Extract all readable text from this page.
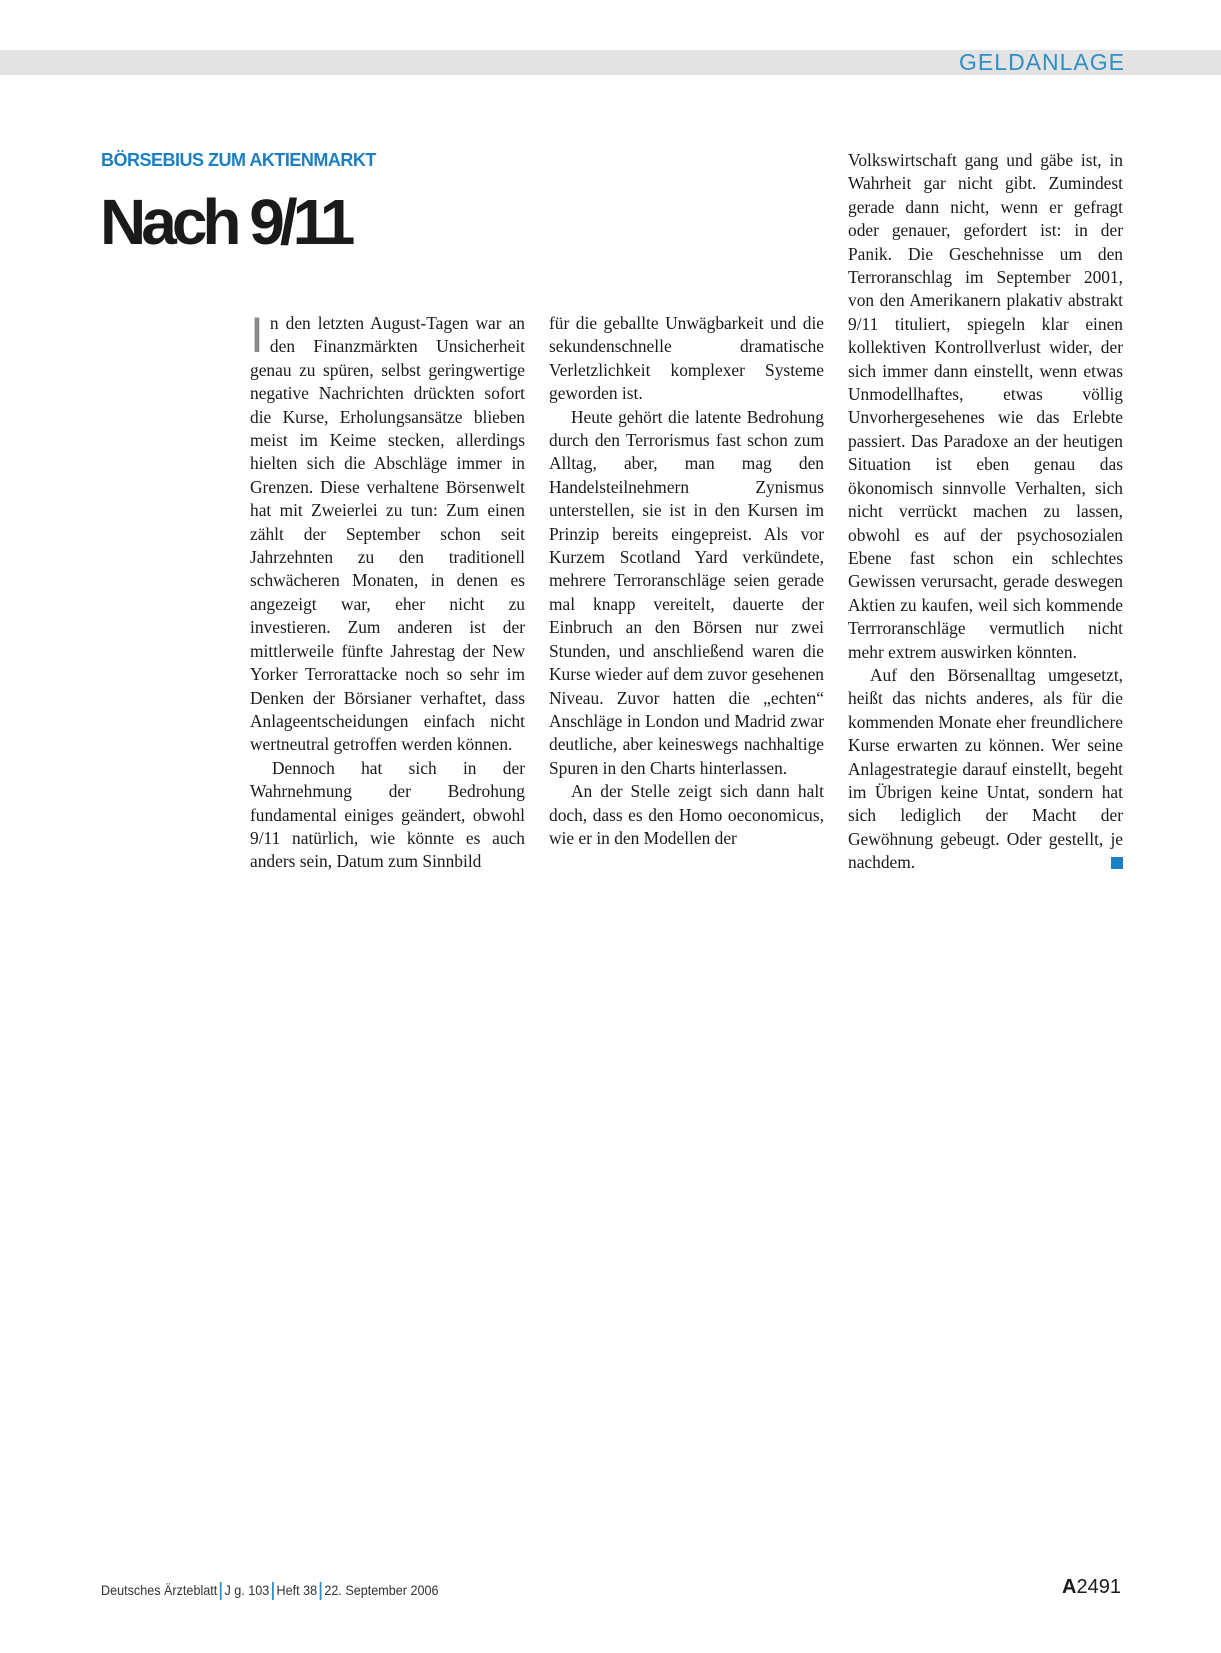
GELDANLAGE
BÖRSEBIUS ZUM AKTIENMARKT
Nach 9/11

In den letzten August-Tagen war an den Finanzmärkten Unsicherheit genau zu spüren, selbst geringwertige negative Nachrichten drückten sofort die Kurse, Erholungsansätze blieben meist im Keime stecken, allerdings hielten sich die Abschläge immer in Grenzen. Diese verhaltene Börsenwelt hat mit Zweierlei zu tun: Zum einen zählt der September schon seit Jahrzehnten zu den traditionell schwächeren Monaten, in denen es angezeigt war, eher nicht zu investieren. Zum anderen ist der mittlerweile fünfte Jahrestag der New Yorker Terrorattacke noch so sehr im Denken der Börsianer verhaftet, dass Anlageentscheidungen einfach nicht wertneutral getroffen werden können.

Dennoch hat sich in der Wahrnehmung der Bedrohung fundamental einiges geändert, obwohl 9/11 natürlich, wie könnte es auch anders sein, Datum zum Sinnbild

für die geballte Unwägbarkeit und die sekundenschnelle dramatische Verletzlichkeit komplexer Systeme geworden ist.

Heute gehört die latente Bedrohung durch den Terrorismus fast schon zum Alltag, aber, man mag den Handelsteilnehmern Zynismus unterstellen, sie ist in den Kursen im Prinzip bereits eingepreist. Als vor Kurzem Scotland Yard verkündete, mehrere Terroranschläge seien gerade mal knapp vereitelt, dauerte der Einbruch an den Börsen nur zwei Stunden, und anschließend waren die Kurse wieder auf dem zuvor gesehenen Niveau. Zuvor hatten die „echten“ Anschläge in London und Madrid zwar deutliche, aber keineswegs nachhaltige Spuren in den Charts hinterlassen.

An der Stelle zeigt sich dann halt doch, dass es den Homo oeconomicus, wie er in den Modellen der

Volkswirtschaft gang und gäbe ist, in Wahrheit gar nicht gibt. Zumindest gerade dann nicht, wenn er gefragt oder genauer, gefordert ist: in der Panik. Die Geschehnisse um den Terroranschlag im September 2001, von den Amerikanern plakativ abstrakt 9/11 tituliert, spiegeln klar einen kollektiven Kontrollverlust wider, der sich immer dann einstellt, wenn etwas Unmodellhaftes, etwas völlig Unvorhergesehenes wie das Erlebte passiert. Das Paradoxe an der heutigen Situation ist eben genau das ökonomisch sinnvolle Verhalten, sich nicht verrückt machen zu lassen, obwohl es auf der psychosozialen Ebene fast schon ein schlechtes Gewissen verursacht, gerade deswegen Aktien zu kaufen, weil sich kommende Terrroranschläge vermutlich nicht mehr extrem auswirken könnten.

Auf den Börsenalltag umgesetzt, heißt das nichts anderes, als für die kommenden Monate eher freundlichere Kurse erwarten zu können. Wer seine Anlagestrategie darauf einstellt, begeht im Übrigen keine Untat, sondern hat sich lediglich der Macht der Gewöhnung gebeugt. Oder gestellt, je nachdem.

Deutsches Ärzteblatt J g. 103 Heft 38 22. September 2006	A2491
